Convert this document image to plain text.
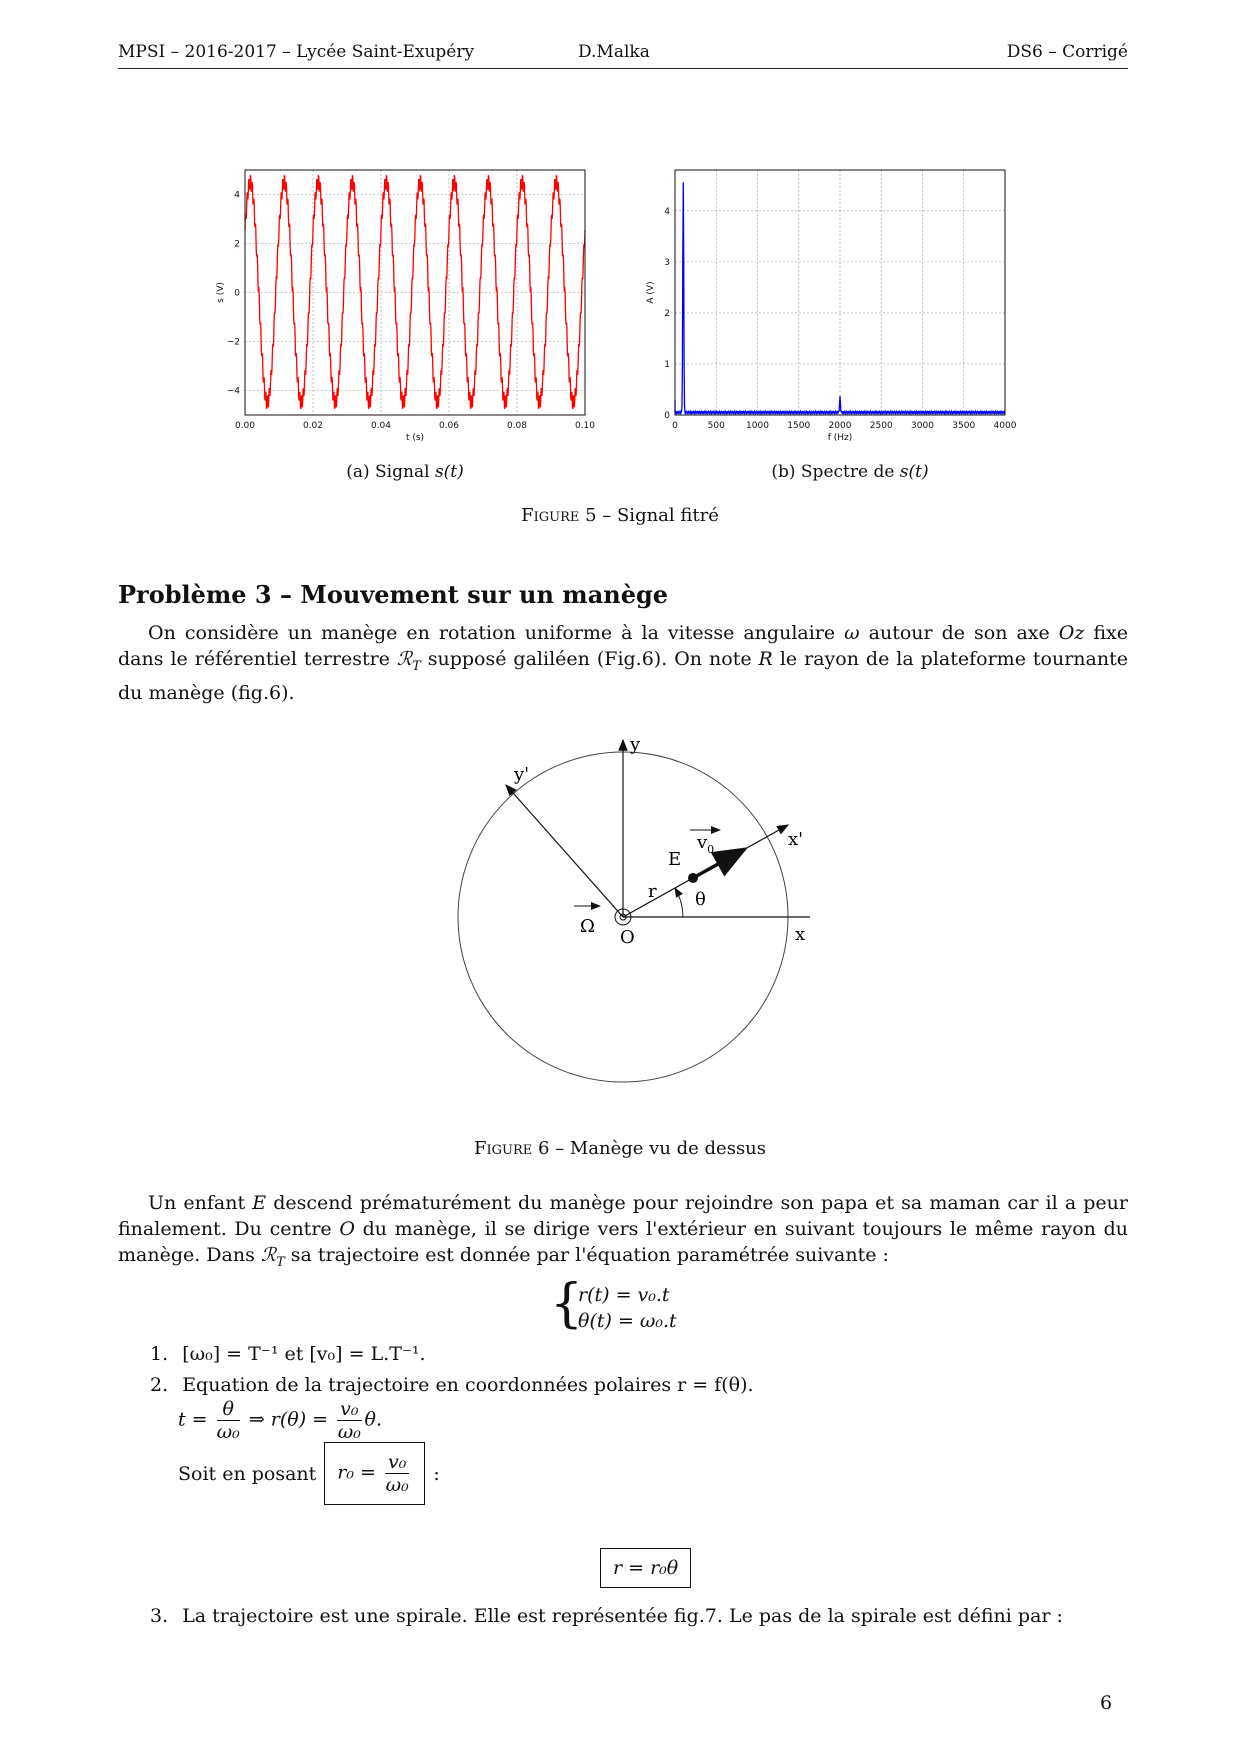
MPSI – 2016-2017 – Lycée Saint-Exupéry	D.Malka	DS6 – Corrigé
0.00	0.02	0.04	0.06	0.08	0.10
4
2
0
−2
−4
t (s)
s (V)
0	500 1000 1500 2000 2500 3000 3500 4000
4
3
2
1
0
f (Hz)
A (V)
(a) Signal s(t)	(b) Spectre de s(t)
Figure 5 – Signal fitré
Problème 3 – Mouvement sur un manège

On considère un manège en rotation uniforme à la vitesse angulaire ω autour de son axe Oz fixe dans le référentiel terrestre ℛ$_T$ supposé galiléen (Fig.6). On note R le rayon de la plateforme tournante du manège (fig.6).

y
y'
x'
x
O
E
r θ
Ω
$v_0$
Figure 6 – Manège vu de dessus

Un enfant E descend prématurément du manège pour rejoindre son papa et sa maman car il a peur finalement. Du centre O du manège, il se dirige vers l'extérieur en suivant toujours le même rayon du manège. Dans ℛ$_T$ sa trajectoire est donnée par l'équation paramétrée suivante :

{
r(t) = v₀.t
θ(t) = ω₀.t
1. [ω₀] = T⁻¹ et [v₀] = L.T⁻¹.
2. Equation de la trajectoire en coordonnées polaires r = f(θ).
$t = \frac{\theta}{\text{ω₀}}$ ⇒ $r(\theta) = \frac{\text{v₀}}{\text{ω₀}} \theta$.
Soit en posant	$r_0 = \frac{\text{v₀}}{\text{ω₀}}$ :
r = r₀θ
3. La trajectoire est une spirale. Elle est représentée fig.7. Le pas de la spirale est défini par :
6
